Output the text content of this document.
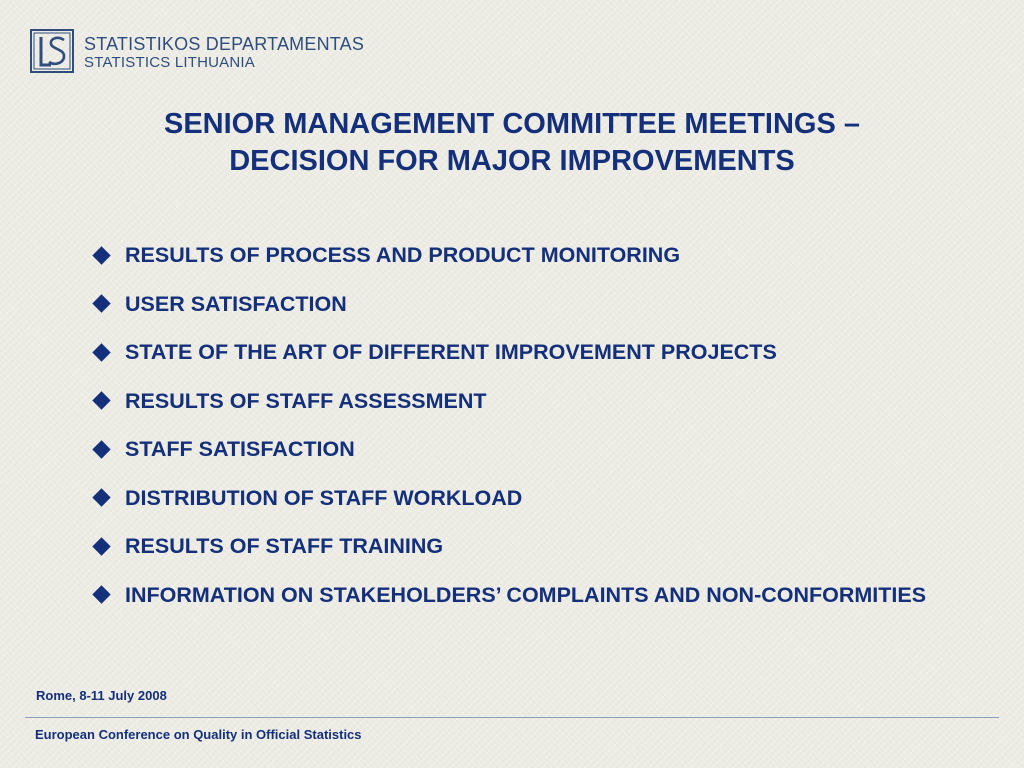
STATISTIKOS DEPARTAMENTAS
STATISTICS LITHUANIA
SENIOR MANAGEMENT COMMITTEE MEETINGS –
DECISION FOR MAJOR IMPROVEMENTS
RESULTS OF PROCESS AND PRODUCT MONITORING
USER SATISFACTION
STATE OF THE ART OF DIFFERENT IMPROVEMENT PROJECTS
RESULTS OF STAFF ASSESSMENT
STAFF SATISFACTION
DISTRIBUTION OF STAFF WORKLOAD
RESULTS OF STAFF TRAINING
INFORMATION ON STAKEHOLDERS’ COMPLAINTS AND NON-CONFORMITIES
Rome, 8-11 July 2008
European Conference on Quality in Official Statistics
